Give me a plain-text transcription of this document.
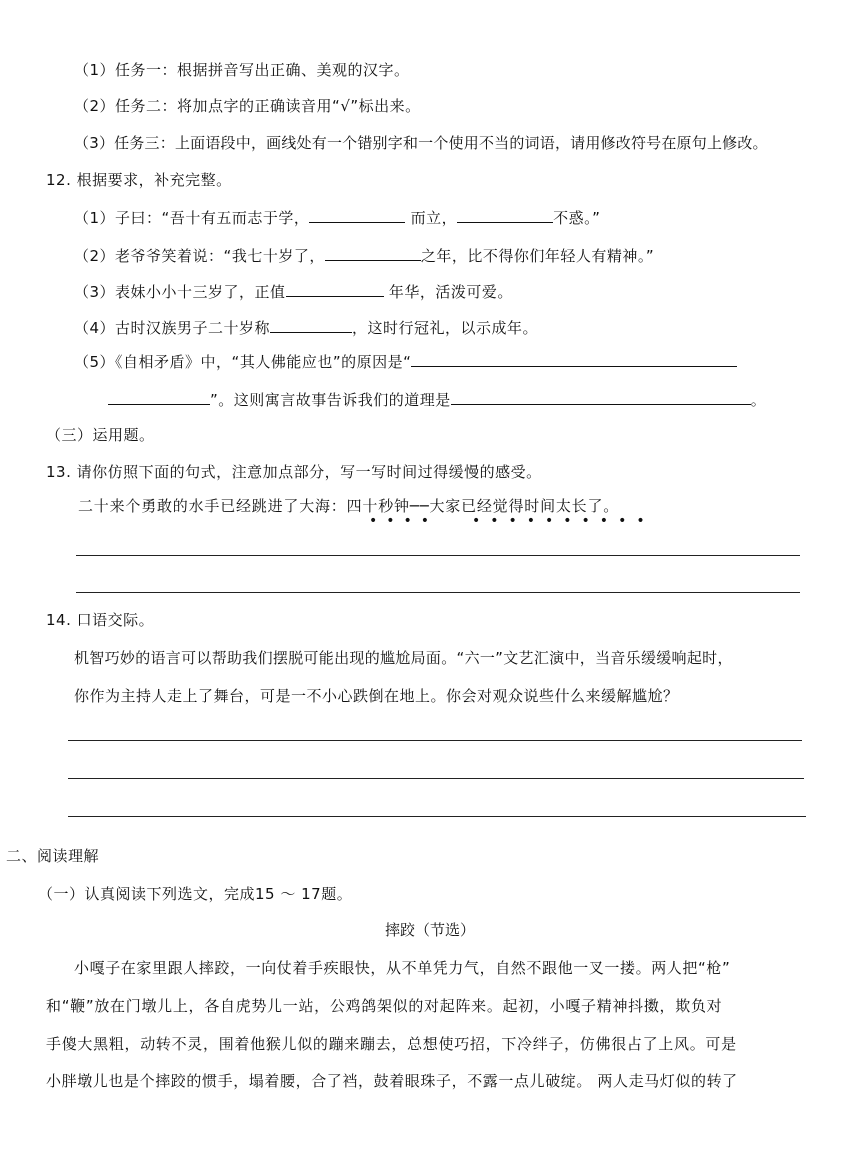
（1）任务一：根据拼音写出正确、美观的汉字。
（2）任务二：将加点字的正确读音用“√”标出来。
（3）任务三：上面语段中，画线处有一个错别字和一个使用不当的词语，请用修改符号在原句上修改。
12. 根据要求，补充完整。
（1）子曰：“吾十有五而志于学，	而立，	不惑。”
（2）老爷爷笑着说：“我七十岁了，	之年，比不得你们年轻人有精神。”
（3）表妹小小十三岁了，正值	年华，活泼可爱。
（4）古时汉族男子二十岁称	，这时行冠礼，以示成年。
（5）《自相矛盾》中，“其人佛能应也”的原因是“
”。这则寓言故事告诉我们的道理是	。
（三）运用题。
13. 请你仿照下面的句式，注意加点部分，写一写时间过得缓慢的感受。
二十来个勇敢的水手已经跳进了大海：四十秒钟──大家已经觉得时间太长了。
•••• ••••••••••
14. 口语交际。
机智巧妙的语言可以帮助我们摆脱可能出现的尴尬局面。“六一”文艺汇演中，当音乐缓缓响起时，
你作为主持人走上了舞台，可是一不小心跌倒在地上。你会对观众说些什么来缓解尴尬？
二、阅读理解
（一）认真阅读下列选文，完成15 ～ 17题。
摔跤（节选）
小嘎子在家里跟人摔跤，一向仗着手疾眼快，从不单凭力气，自然不跟他一叉一搂。两人把“枪”
和“鞭”放在门墩儿上，各自虎势儿一站，公鸡鸽架似的对起阵来。起初，小嘎子精神抖擞，欺负对
手傻大黑粗，动转不灵，围着他猴儿似的蹦来蹦去，总想使巧招，下冷绊子，仿佛很占了上风。可是
小胖墩儿也是个摔跤的惯手，塌着腰，合了裆，鼓着眼珠子，不露一点儿破绽。 两人走马灯似的转了
